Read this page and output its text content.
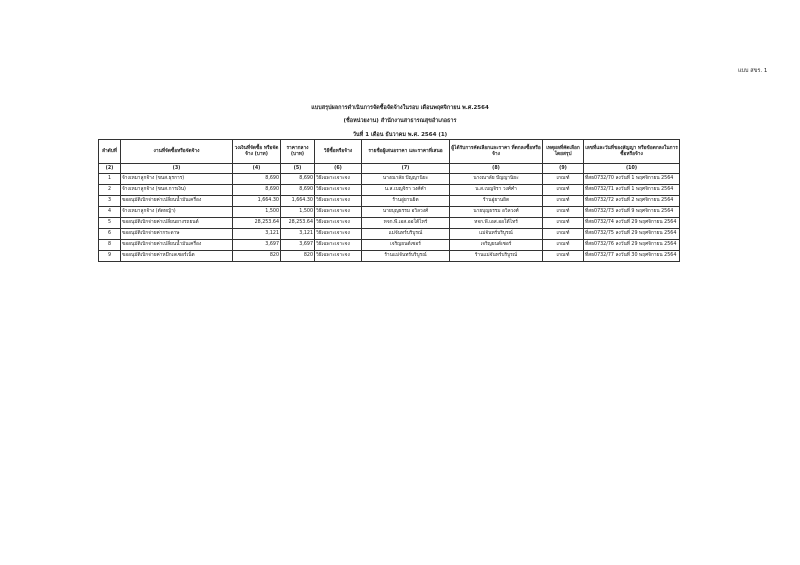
แบบ สขร. 1
แบบสรุปผลการดำเนินการจัดซื้อจัดจ้างในรอบ เดือนพฤศจิกายน พ.ศ.2564
(ชื่อหน่วยงาน) สำนักงานสาธารณสุขอำเภอธาร
วันที่ 1 เดือน ธันวาคม พ.ศ. 2564 (1)
ลำดับที่	งานที่จัดซื้อหรือจัดจ้าง	วงเงินที่จัดซื้อ หรือจัดจ้าง (บาท)	ราคากลาง (บาท)	วิธีซื้อหรือจ้าง	รายชื่อผู้เสนอราคา และราคาที่เสนอ	ผู้ได้รับการคัดเลือกและราคา ที่ตกลงซื้อหรือจ้าง	เหตุผลที่คัดเลือก โดยสรุป	เลขที่และวันที่ของสัญญา หรือข้อตกลงในการซื้อหรือจ้าง
(2)	(3)	(4)	(5)	(6)	(7)	(8)	(9)	(10)
1	จ้างเหมาลูกจ้าง (ขนส.ธุรการ)	8,690	8,690	วิธีเฉพาะเจาะจง	นางณาลัย ปัญญานิยะ	นางณาลัย ปัญญานิยะ	เกณฑ์	ที่สธ0732/70 ลงวันที่ 1 พฤศจิกายน 2564
2	จ้างเหมาลูกจ้าง (ขนส.การเงิน)	8,690	8,690	วิธีเฉพาะเจาะจง	น.ส.เบญจิรา วงศ์คำ	น.ส.เบญจิรา วงศ์คำ	เกณฑ์	ที่สธ0732/71 ลงวันที่ 1 พฤศจิกายน 2564
3	ขออนุมัติเบิกจ่ายค่าเปลี่ยนน้ำมันเครื่อง	1,664.30	1,664.30	วิธีเฉพาะเจาะจง	ร้านอู่ยานยิต	ร้านอู่ยานยิต	เกณฑ์	ที่สธ0732/72 ลงวันที่ 2 พฤศจิกายน 2564
4	จ้างเหมาลูกจ้าง (ตัดหญ้า)	1,500	1,500	วิธีเฉพาะเจาะจง	นายบุญธรรม อวิลวงศ์	นายบุญธรรม อวิลวงศ์	เกณฑ์	ที่สธ0732/73 ลงวันที่ 9 พฤศจิกายน 2564
5	ขออนุมัติเบิกจ่ายค่าเปลี่ยนยางรถยนต์	28,253.64	28,253.64	วิธีเฉพาะเจาะจง	หจก.พี.เอส.ออโต้ไทร์	หจก.พี.เอส.ออโต้ไทร์	เกณฑ์	ที่สธ0732/74 ลงวันที่ 29 พฤศจิกายน 2564
6	ขออนุมัติเบิกจ่ายค่ากระดาษ	3,121	3,121	วิธีเฉพาะเจาะจง	แม่จันทร์บริบูรณ์	แม่จันทร์บริบูรณ์	เกณฑ์	ที่สธ0732/75 ลงวันที่ 29 พฤศจิกายน 2564
8	ขออนุมัติเบิกจ่ายค่าเปลี่ยนน้ำมันเครื่อง	3,697	3,697	วิธีเฉพาะเจาะจง	เจริญยนต์เซอร์	เจริญยนต์เซอร์	เกณฑ์	ที่สธ0732/76 ลงวันที่ 29 พฤศจิกายน 2564
9	ขออนุมัติเบิกจ่ายค่าหมึกเลเซอร์เน็ต	820	820	วิธีเฉพาะเจาะจง	ร้านแม่จันทร์บริบูรณ์	ร้านแม่จันทร์บริบูรณ์	เกณฑ์	ที่สธ0732/77 ลงวันที่ 30 พฤศจิกายน 2564
